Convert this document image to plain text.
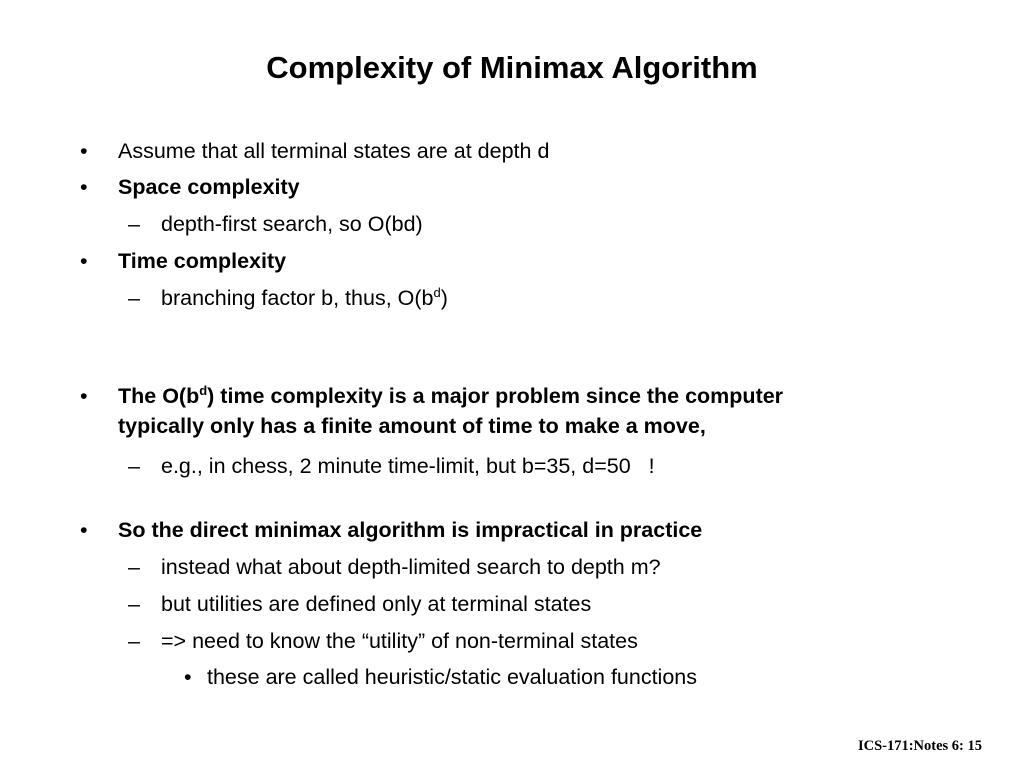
Complexity of Minimax Algorithm
• Assume that all terminal states are at depth d
• Space complexity
– depth-first search, so O(bd)
• Time complexity
– branching factor b, thus, $O(b^d)$
• The $O(b^d)$ time complexity is a major problem since the computer
typically only has a finite amount of time to make a move,
– e.g., in chess, 2 minute time-limit, but b=35, d=50   !
• So the direct minimax algorithm is impractical in practice
– instead what about depth-limited search to depth m?
– but utilities are defined only at terminal states
– => need to know the “utility” of non-terminal states
• these are called heuristic/static evaluation functions
ICS-171:Notes 6: 15
